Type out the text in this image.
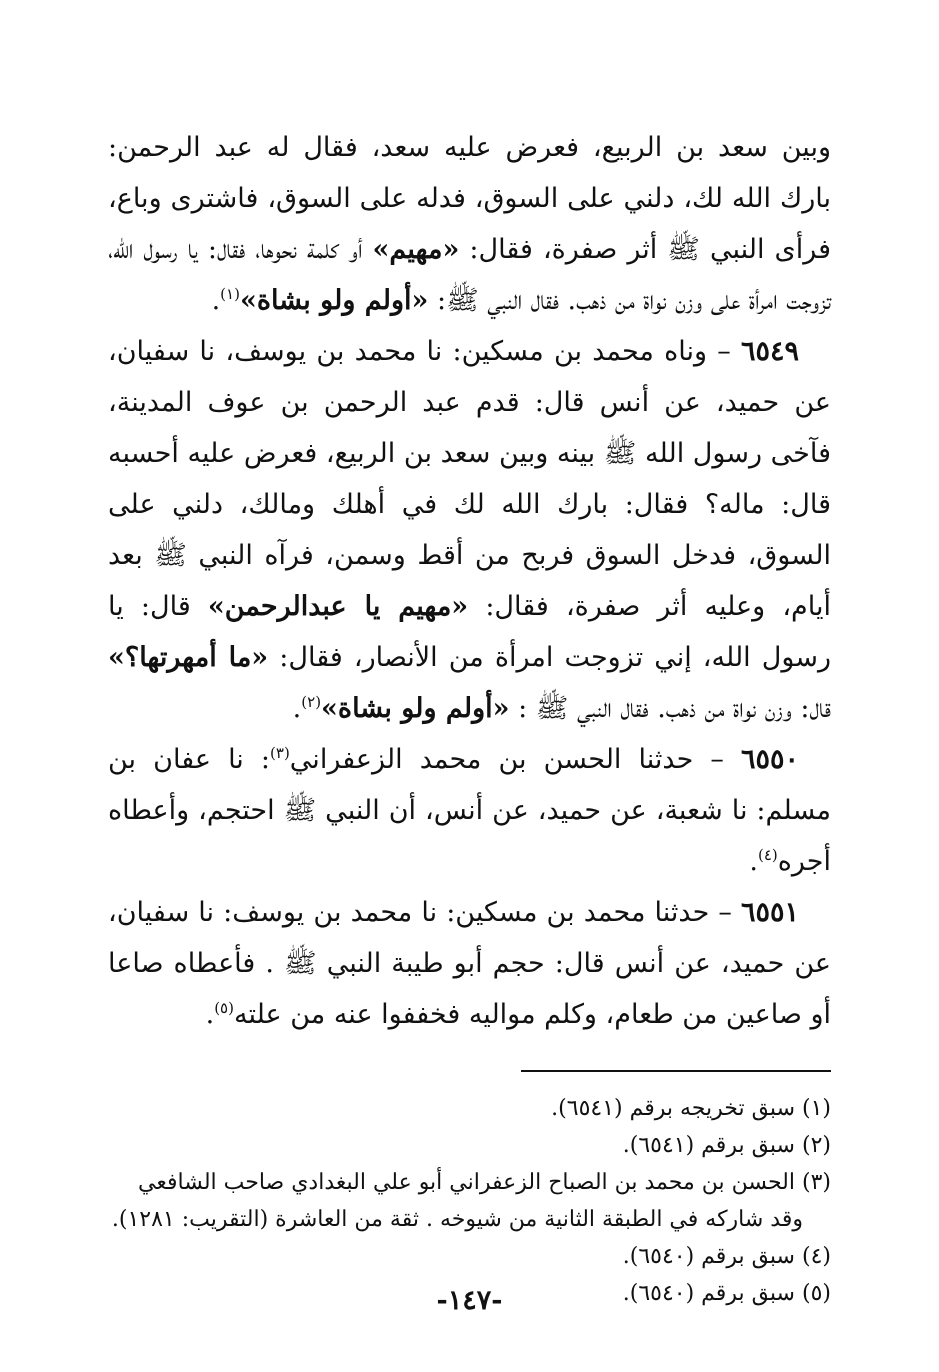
وبين سعد بن الربيع، فعرض عليه سعد، فقال له عبد الرحمن: بارك الله لك، دلني على السوق، فدله على السوق، فاشترى وباع، فرأى النبي ﷺ أثر صفرة، فقال: «مهيم» أو كلمة نحوها، فقال: يا رسول الله، تزوجت امرأة على وزن نواة من ذهب. فقال النبي ﷺ: «أولم ولو بشاة»$^{(١)}$.

٦٥٤٩ – وناه محمد بن مسكين: نا محمد بن يوسف، نا سفيان، عن حميد، عن أنس قال: قدم عبد الرحمن بن عوف المدينة، فآخى رسول الله ﷺ بينه وبين سعد بن الربيع، فعرض عليه أحسبه قال: ماله؟ فقال: بارك الله لك في أهلك ومالك، دلني على السوق، فدخل السوق فربح من أقط وسمن، فرآه النبي ﷺ بعد أيام، وعليه أثر صفرة، فقال: «مهيم يا عبدالرحمن» قال: يا رسول الله، إني تزوجت امرأة من الأنصار، فقال: «ما أمهرتها؟» قال: وزن نواة من ذهب. فقال النبي ﷺ : «أولم ولو بشاة»$^{(٢)}$.

٦٥٥٠ – حدثنا الحسن بن محمد الزعفراني$^{(٣)}$: نا عفان بن مسلم: نا شعبة، عن حميد، عن أنس، أن النبي ﷺ احتجم، وأعطاه أجره$^{(٤)}$.

٦٥٥١ – حدثنا محمد بن مسكين: نا محمد بن يوسف: نا سفيان، عن حميد، عن أنس قال: حجم أبو طيبة النبي ﷺ . فأعطاه صاعا أو صاعين من طعام، وكلم مواليه فخففوا عنه من علته$^{(٥)}$.

(١) سبق تخريجه برقم (٦٥٤١).

(٢) سبق برقم (٦٥٤١).

(٣) الحسن بن محمد بن الصباح الزعفراني أبو علي البغدادي صاحب الشافعي وقد شاركه في الطبقة الثانية من شيوخه . ثقة من العاشرة (التقريب: ١٢٨١).

(٤) سبق برقم (٦٥٤٠).

(٥) سبق برقم (٦٥٤٠).

-١٤٧-
